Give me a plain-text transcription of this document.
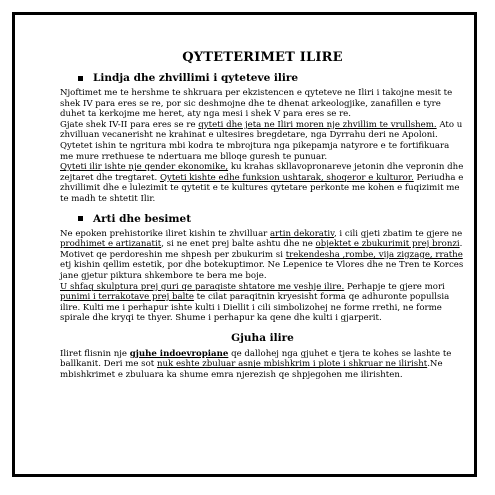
QYTETERIMET ILIRE
Lindja dhe zhvillimi i qyteteve ilire

Njoftimet me te hershme te shkruara per ekzistencen e qyteteve ne Iliri i takojne mesit te shek IV para eres se re, por sic deshmojne dhe te dhenat arkeologjike, zanafillen e tyre duhet ta kerkojme me heret, aty nga mesi i shek V para eres se re.

Gjate shek IV-II para eres se re qyteti dhe jeta ne Iliri moren nje zhvillim te vrullshem. Ato u zhvilluan vecanerisht ne krahinat e ultesires bregdetare, nga Dyrrahu deri ne Apoloni. Qytetet ishin te ngritura mbi kodra te mbrojtura nga pikepamja natyrore e te fortifikuara me mure rrethuese te ndertuara me blloqe guresh te punuar.

Qyteti ilir ishte nje qender ekonomike, ku krahas skllavopronareve jetonin dhe vepronin dhe zejtaret dhe tregtaret. Qyteti kishte edhe funksion ushtarak, shoqeror e kulturor. Periudha e zhvillimit dhe e lulezimit te qytetit e te kultures qytetare perkonte me kohen e fuqizimit me te madh te shtetit Ilir.

Arti dhe besimet

Ne epoken prehistorike iliret kishin te zhvilluar artin dekorativ, i cili gjeti zbatim te gjere ne prodhimet e artizanatit, si ne enet prej balte ashtu dhe ne objektet e zbukurimit prej bronzi. Motivet qe perdoreshin me shpesh per zbukurim si trekendesha ,rombe, vija zigzage, rrathe etj kishin qellim estetik, por dhe botekuptimor. Ne Lepenice te Vlores dhe ne Tren te Korces jane gjetur piktura shkembore te bera me boje.

U shfaq skulptura prej guri qe paraqiste shtatore me veshje ilire. Perhapje te gjere mori punimi i terrakotave prej balte te cilat paraqitnin kryesisht forma qe adhuronte popullsia ilire. Kulti me i perhapur ishte kulti i Diellit i cili simbolizohej ne forme rrethi, ne forme spirale dhe kryqi te thyer. Shume i perhapur ka qene dhe kulti i gjarperit.

Gjuha ilire

Iliret flisnin nje gjuhe indoevropiane qe dallohej nga gjuhet e tjera te kohes se lashte te ballkanit. Deri me sot nuk eshte zbuluar asnje mbishkrim i plote i shkruar ne ilirisht.Ne mbishkrimet e zbuluara ka shume emra njerezish qe shpjegohen me ilirishten.
